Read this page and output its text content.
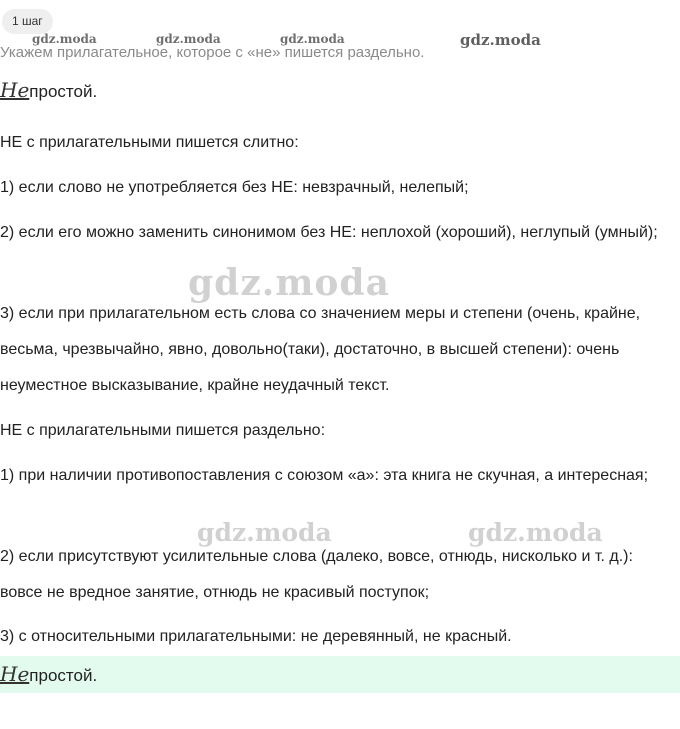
1 шаг
gdz.moda	gdz.moda	gdz.moda	gdz.moda
Укажем прилагательное, которое с «не» пишется раздельно.
Непростой.

НЕ с прилагательными пишется слитно:

1) если слово не употребляется без НЕ: невзрачный, нелепый;

2) если его можно заменить синонимом без НЕ: неплохой (хороший), неглупый (умный);

3) если при прилагательном есть слова со значением меры и степени (очень, крайне, весьма, чрезвычайно, явно, довольно(таки), достаточно, в высшей степени): очень неуместное высказывание, крайне неудачный текст.

НЕ с прилагательными пишется раздельно:

1) при наличии противопоставления с союзом «а»: эта книга не скучная, а интересная;

2) если присутствуют усилительные слова (далеко, вовсе, отнюдь, нисколько и т. д.): вовсе не вредное занятие, отнюдь не красивый поступок;

3) с относительными прилагательными: не деревянный, не красный.

Непростой.
gdz.moda
gdz.moda	gdz.moda
